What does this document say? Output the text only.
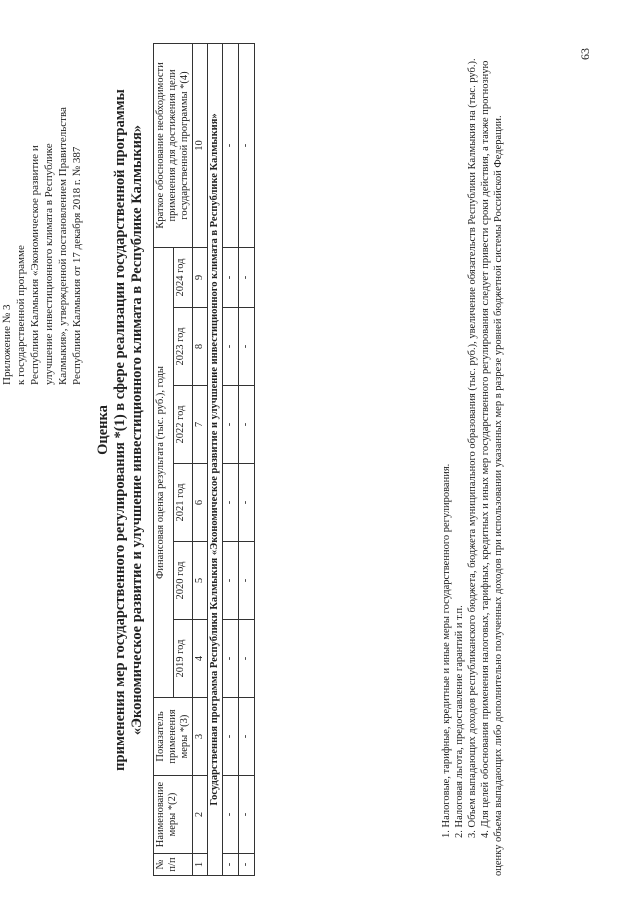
Приложение № 3 к государственной программе Республики Калмыкия «Экономическое развитие и улучшение инвестиционного климата в Республике Калмыкия», утвержденной постановлением Правительства Республики Калмыкия от 17 декабря 2018 г. № 387
Оценка применения мер государственного регулирования *(1) в сфере реализации государственной программы «Экономическое развитие и улучшение инвестиционного климата в Республике Калмыкия»
№ п/п	Наименование меры *(2)	Показатель применения меры *(3)	Финансовая оценка результата (тыс. руб.), годы						Краткое обоснование необходимости применения для достижения цели государственной программы *(4)
			2019 год	2020 год	2021 год	2022 год	2023 год	2024 год	
1	2	3	4	5	6	7	8	9	10
Государственная программа Республики Калмыкия «Экономическое развитие и улучшение инвестиционного климата в Республике Калмыкия»									
-	-	-	-	-	-	-	-	-	-
-	-	-	-	-	-	-	-	-	-

1. Налоговые, тарифные, кредитные и иные меры государственного регулирования. 2. Налоговая льгота, предоставление гарантий и т.п. 3. Объем выпадающих доходов республиканского бюджета, бюджета муниципального образования (тыс. руб.), увеличение обязательств Республики Калмыкия на (тыс. руб.). 4. Для целей обоснования применения налоговых, тарифных, кредитных и иных мер государственного регулирования следует привести сроки действия, а также прогнозную оценку объема выпадающих либо дополнительно полученных доходов при использовании указанных мер в разрезе уровней бюджетной системы Российской Федерации.

63
